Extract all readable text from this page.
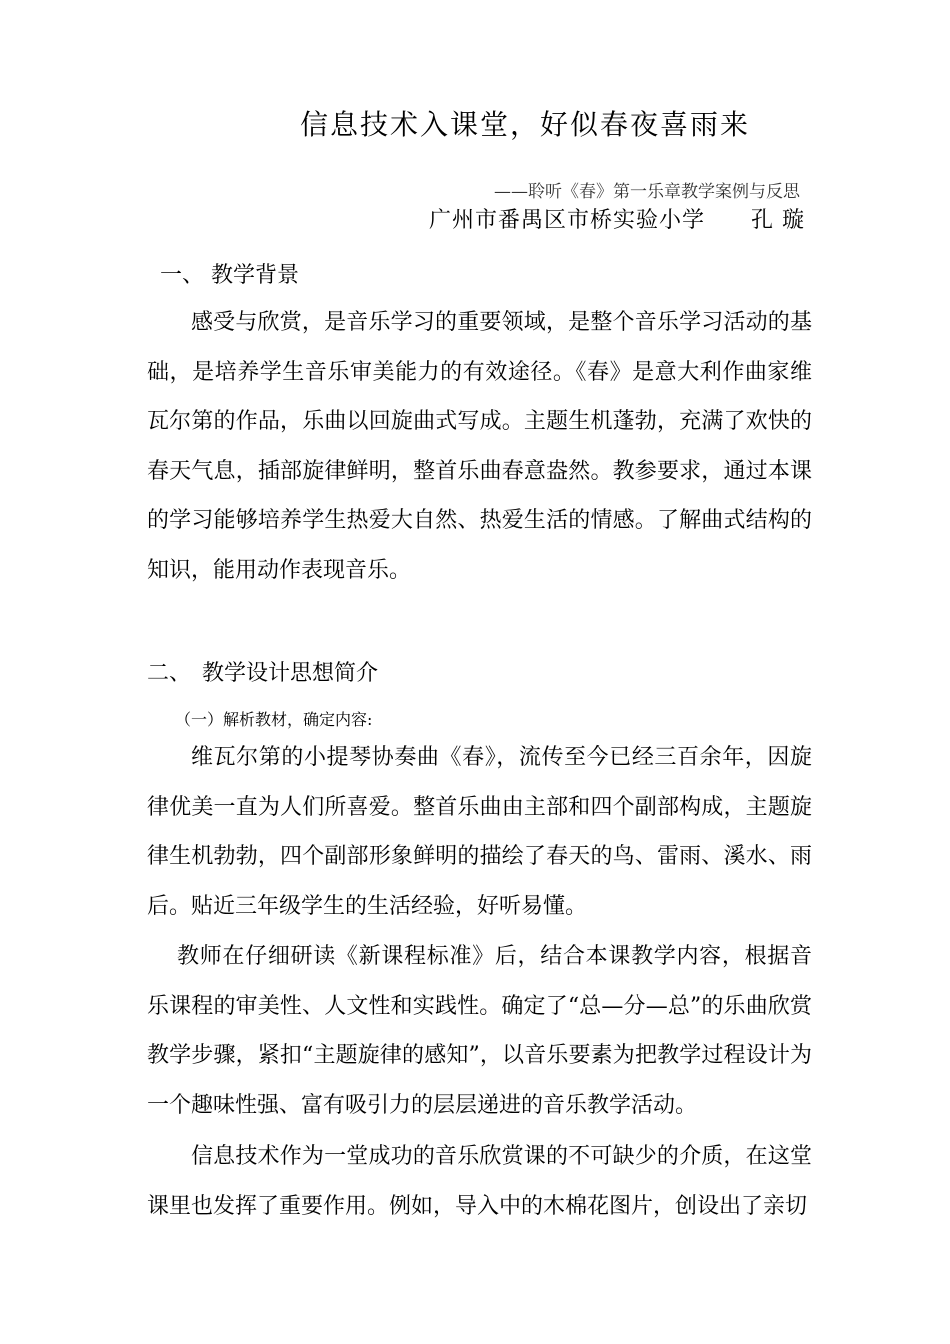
信息技术入课堂，好似春夜喜雨来
——聆听《春》第一乐章教学案例与反思
广州市番禺区市桥实验小学　　孔 璇
一、 教学背景

感受与欣赏，是音乐学习的重要领域，是整个音乐学习活动的基础，是培养学生音乐审美能力的有效途径。《春》是意大利作曲家维瓦尔第的作品，乐曲以回旋曲式写成。主题生机蓬勃，充满了欢快的春天气息，插部旋律鲜明，整首乐曲春意盎然。教参要求，通过本课的学习能够培养学生热爱大自然、热爱生活的情感。了解曲式结构的知识，能用动作表现音乐。

二、　教学设计思想简介
（一）解析教材，确定内容:

维瓦尔第的小提琴协奏曲《春》，流传至今已经三百余年，因旋律优美一直为人们所喜爱。整首乐曲由主部和四个副部构成，主题旋律生机勃勃，四个副部形象鲜明的描绘了春天的鸟、雷雨、溪水、雨后。贴近三年级学生的生活经验，好听易懂。

教师在仔细研读《新课程标准》后，结合本课教学内容，根据音乐课程的审美性、人文性和实践性。确定了“总—分—总”的乐曲欣赏教学步骤，紧扣“主题旋律的感知”，以音乐要素为把教学过程设计为一个趣味性强、富有吸引力的层层递进的音乐教学活动。

信息技术作为一堂成功的音乐欣赏课的不可缺少的介质，在这堂课里也发挥了重要作用。例如，导入中的木棉花图片，创设出了亲切
